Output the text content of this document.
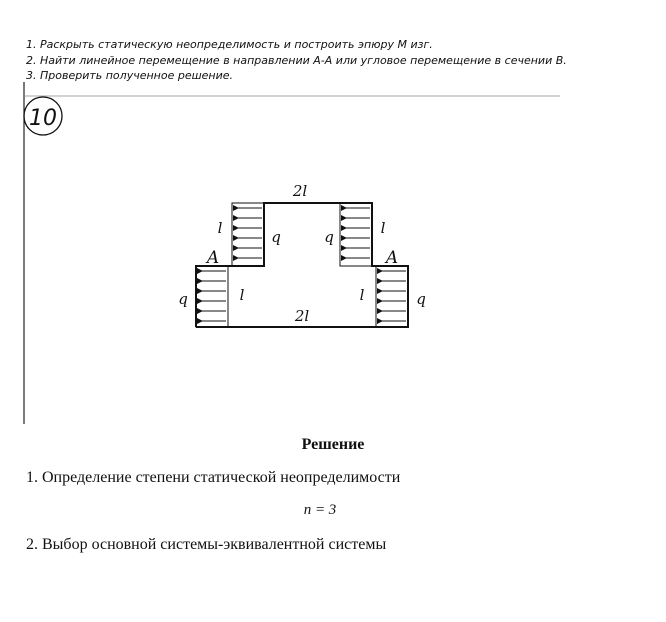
1. Раскрыть статическую неопределимость и построить эпюру M изг.
2. Найти линейное перемещение в направлении А-А или угловое перемещение в сечении В.
3. Проверить полученное решение.
10
2l
2l
l	l
q	q
A	A
q	q
l	l
Решение
1. Определение степени статической неопределимости
n = 3
2. Выбор основной системы-эквивалентной системы
